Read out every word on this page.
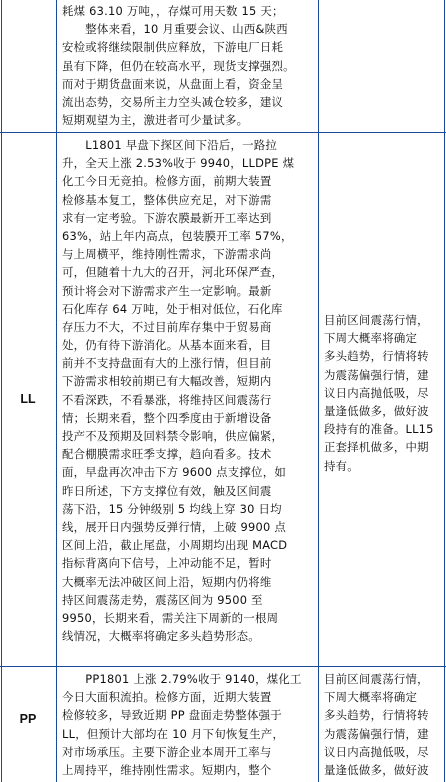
耗煤 63.10 万吨，，存煤可用天数 15 天；
　　整体来看，10 月重要会议、山西&陕西
安检或将继续限制供应释放，下游电厂日耗
虽有下降，但仍在较高水平，现货支撑强烈。
而对于期货盘面来说，从盘面上看，资金呈
流出态势，交易所主力空头减仓较多，建议
短期观望为主，激进者可少量试多。
LL
　　L1801 早盘下探区间下沿后，一路拉
升，全天上涨 2.53%收于 9940，LLDPE 煤
化工今日无竞拍。检修方面，前期大装置
检修基本复工，整体供应充足，对下游需
求有一定考验。下游农膜最新开工率达到
63%，站上年内高点，包装膜开工率 57%，
与上周横平，维持刚性需求，下游需求尚
可，但随着十九大的召开，河北环保严查，
预计将会对下游需求产生一定影响。最新
石化库存 64 万吨，处于相对低位，石化库
存压力不大，不过目前库存集中于贸易商
处，仍有待下游消化。从基本面来看，目
前并不支持盘面有大的上涨行情，但目前
下游需求相较前期已有大幅改善，短期内
不看深跌，不看暴涨，将维持区间震荡行
情；长期来看，整个四季度由于新增设备
投产不及预期及回料禁令影响，供应偏紧，
配合棚膜需求旺季支撑，趋向看多。技术
面，早盘再次冲击下方 9600 点支撑位，如
昨日所述，下方支撑位有效，触及区间震
荡下沿，15 分钟级别 5 均线上穿 30 日均
线，展开日内强势反弹行情，上破 9900 点
区间上沿，截止尾盘，小周期均出现 MACD
指标背离向下信号，上冲动能不足，暂时
大概率无法冲破区间上沿，短期内仍将维
持区间震荡走势，震荡区间为 9500 至
9950，长期来看，需关注下周新的一根周
线情况，大概率将确定多头趋势形态。
目前区间震荡行情，
下周大概率将确定
多头趋势，行情将转
为震荡偏强行情，建
议日内高抛低吸，尽
量逢低做多，做好波
段持有的准备。LL15
正套择机做多，中期
持有。
PP
　　PP1801 上涨 2.79%收于 9140，煤化工
今日大面积流拍。检修方面，近期大装置
检修较多，导致近期 PP 盘面走势整体强于
LL，但预计大部均在 10 月下旬恢复生产，
对市场承压。主要下游企业本周开工率与
上周持平，维持刚性需求。短期内，整个
目前区间震荡行情，
下周大概率将确定
多头趋势，行情将转
为震荡偏强行情，建
议日内高抛低吸，尽
量逢低做多，做好波
